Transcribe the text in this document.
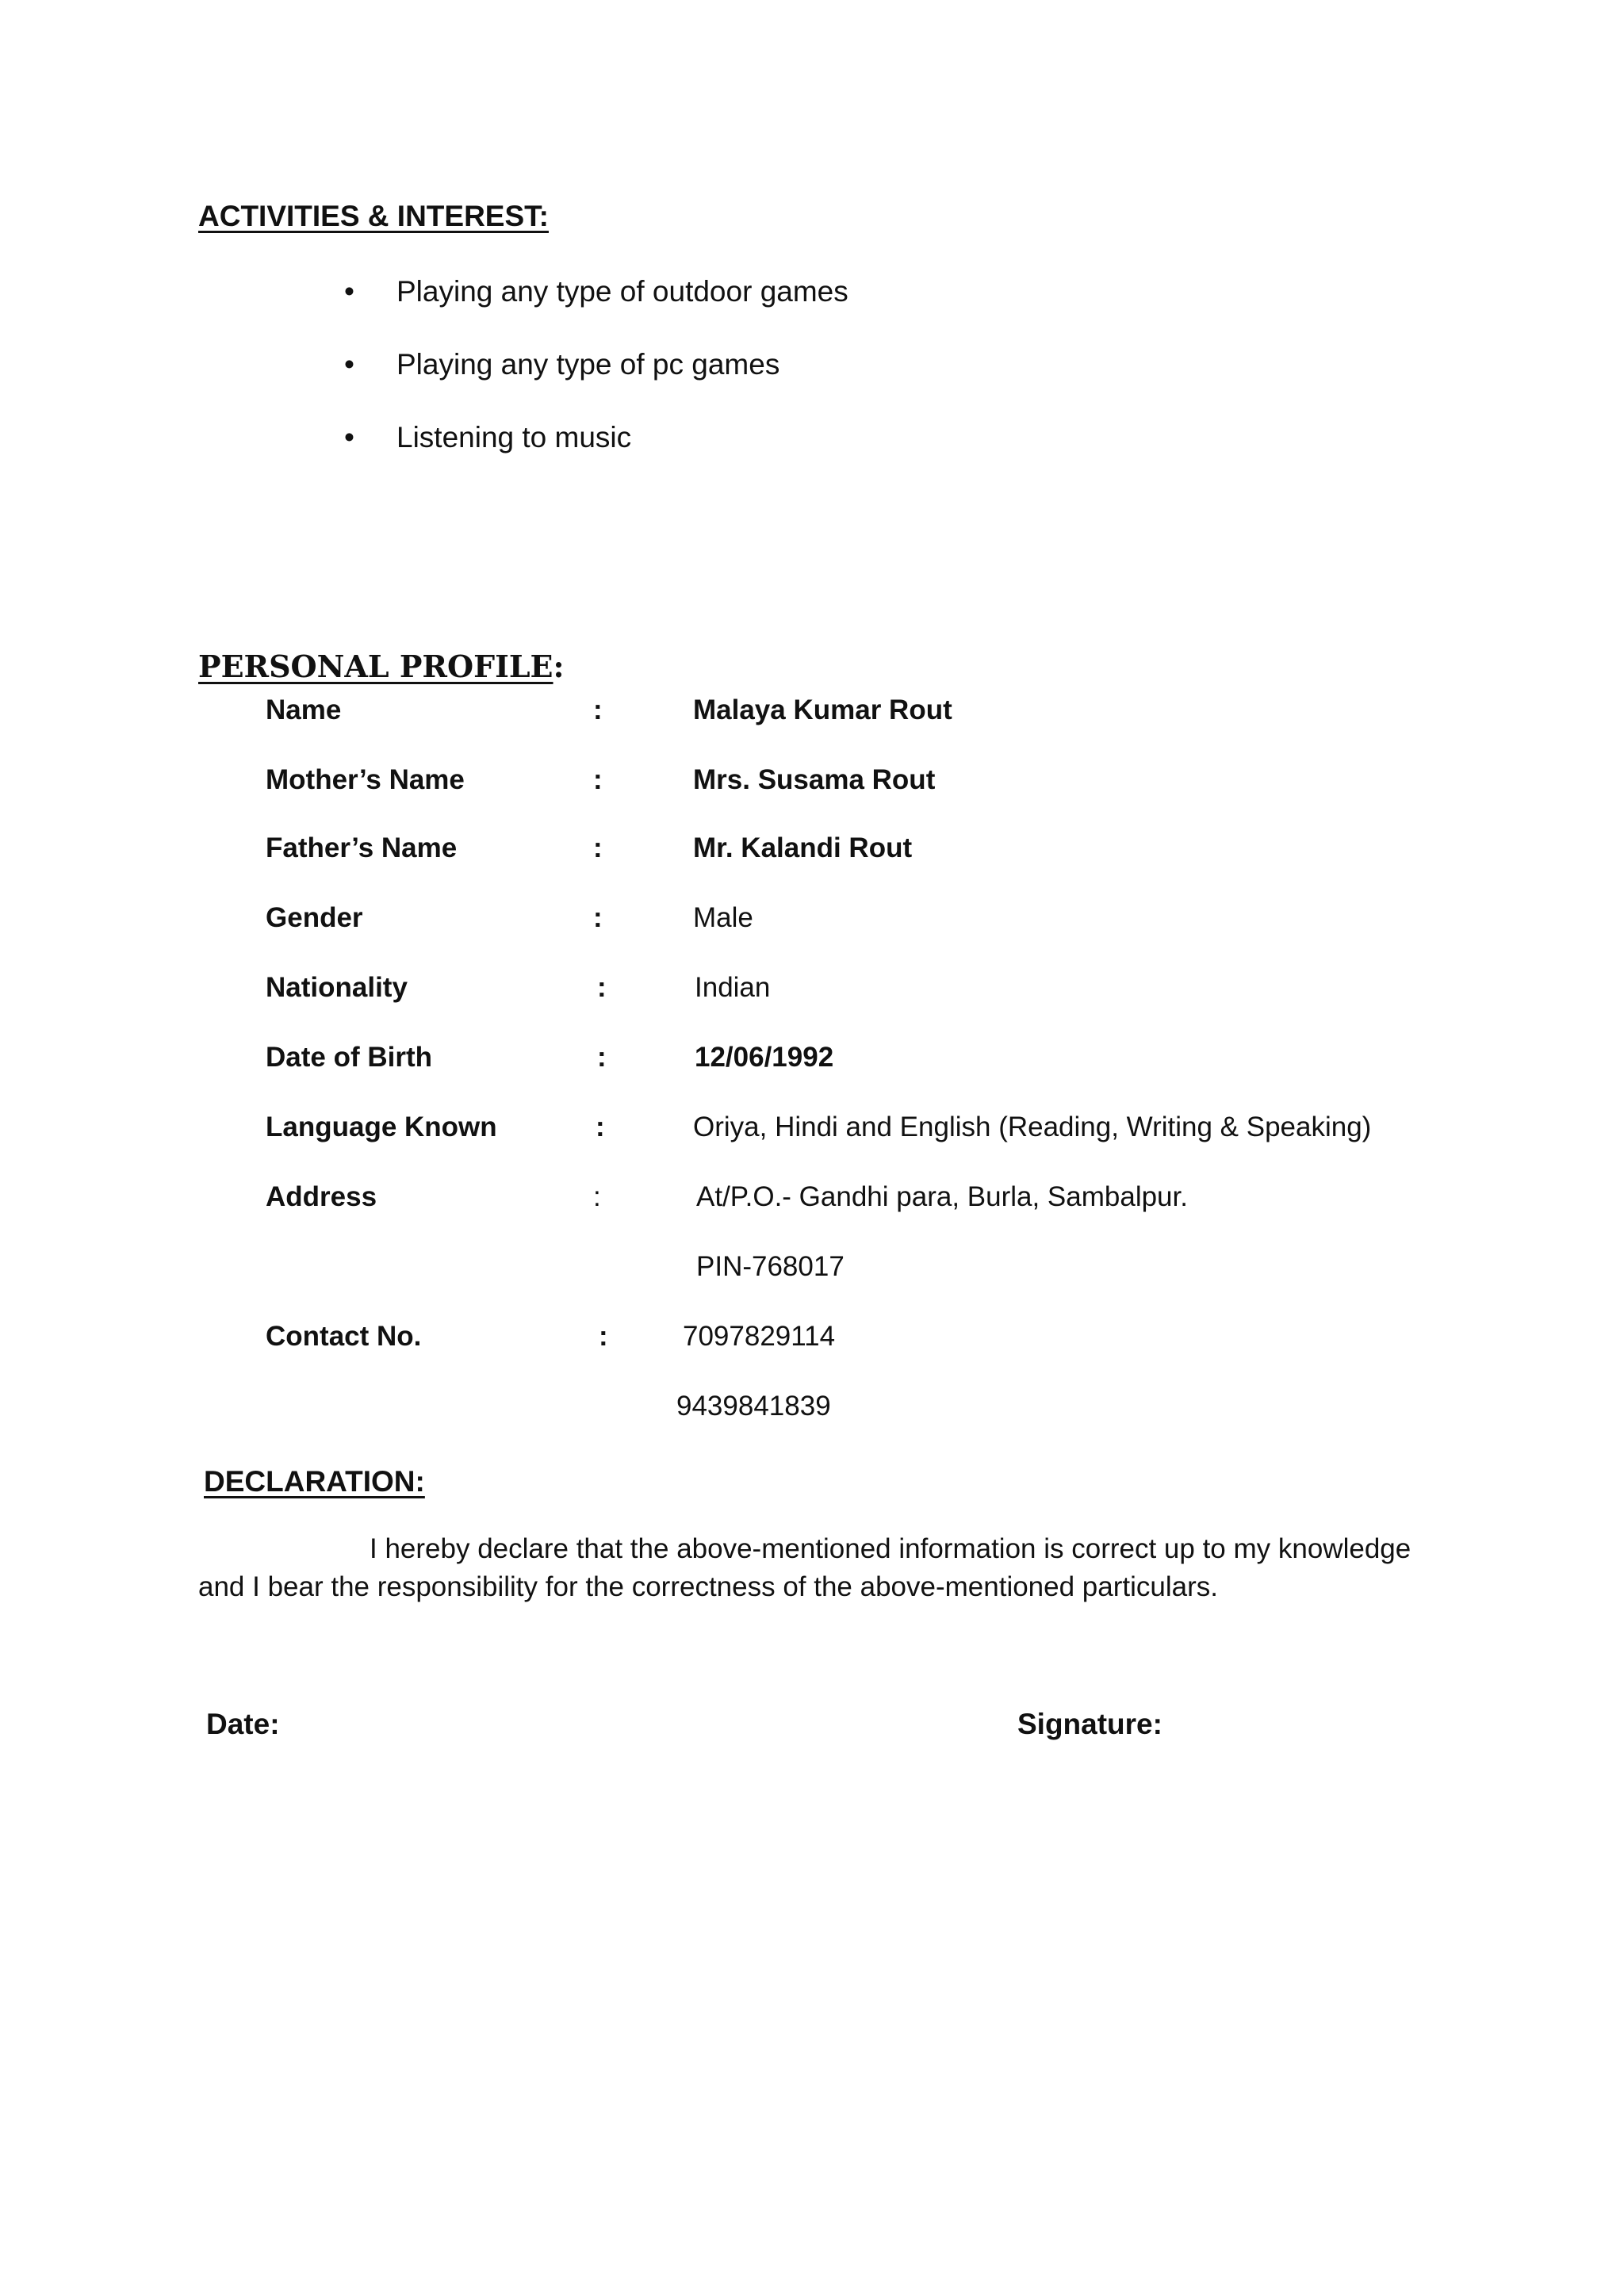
ACTIVITIES & INTEREST:
•	Playing any type of outdoor games
•	Playing any type of pc games
•	Listening to music
PERSONAL PROFILE:
Name	:	Malaya Kumar Rout
Mother’s Name	:	Mrs. Susama Rout
Father’s Name	:	Mr. Kalandi Rout
Gender	:	Male
Nationality	:	Indian
Date of Birth	:	12/06/1992
Language Known	:	Oriya, Hindi and English (Reading, Writing & Speaking)
Address	:	At/P.O.- Gandhi para, Burla, Sambalpur.
PIN-768017
Contact No.	:	7097829114
9439841839
DECLARATION:

I hereby declare that the above-mentioned information is correct up to my knowledge and I bear the responsibility for the correctness of the above-mentioned particulars.

Date:	Signature:
